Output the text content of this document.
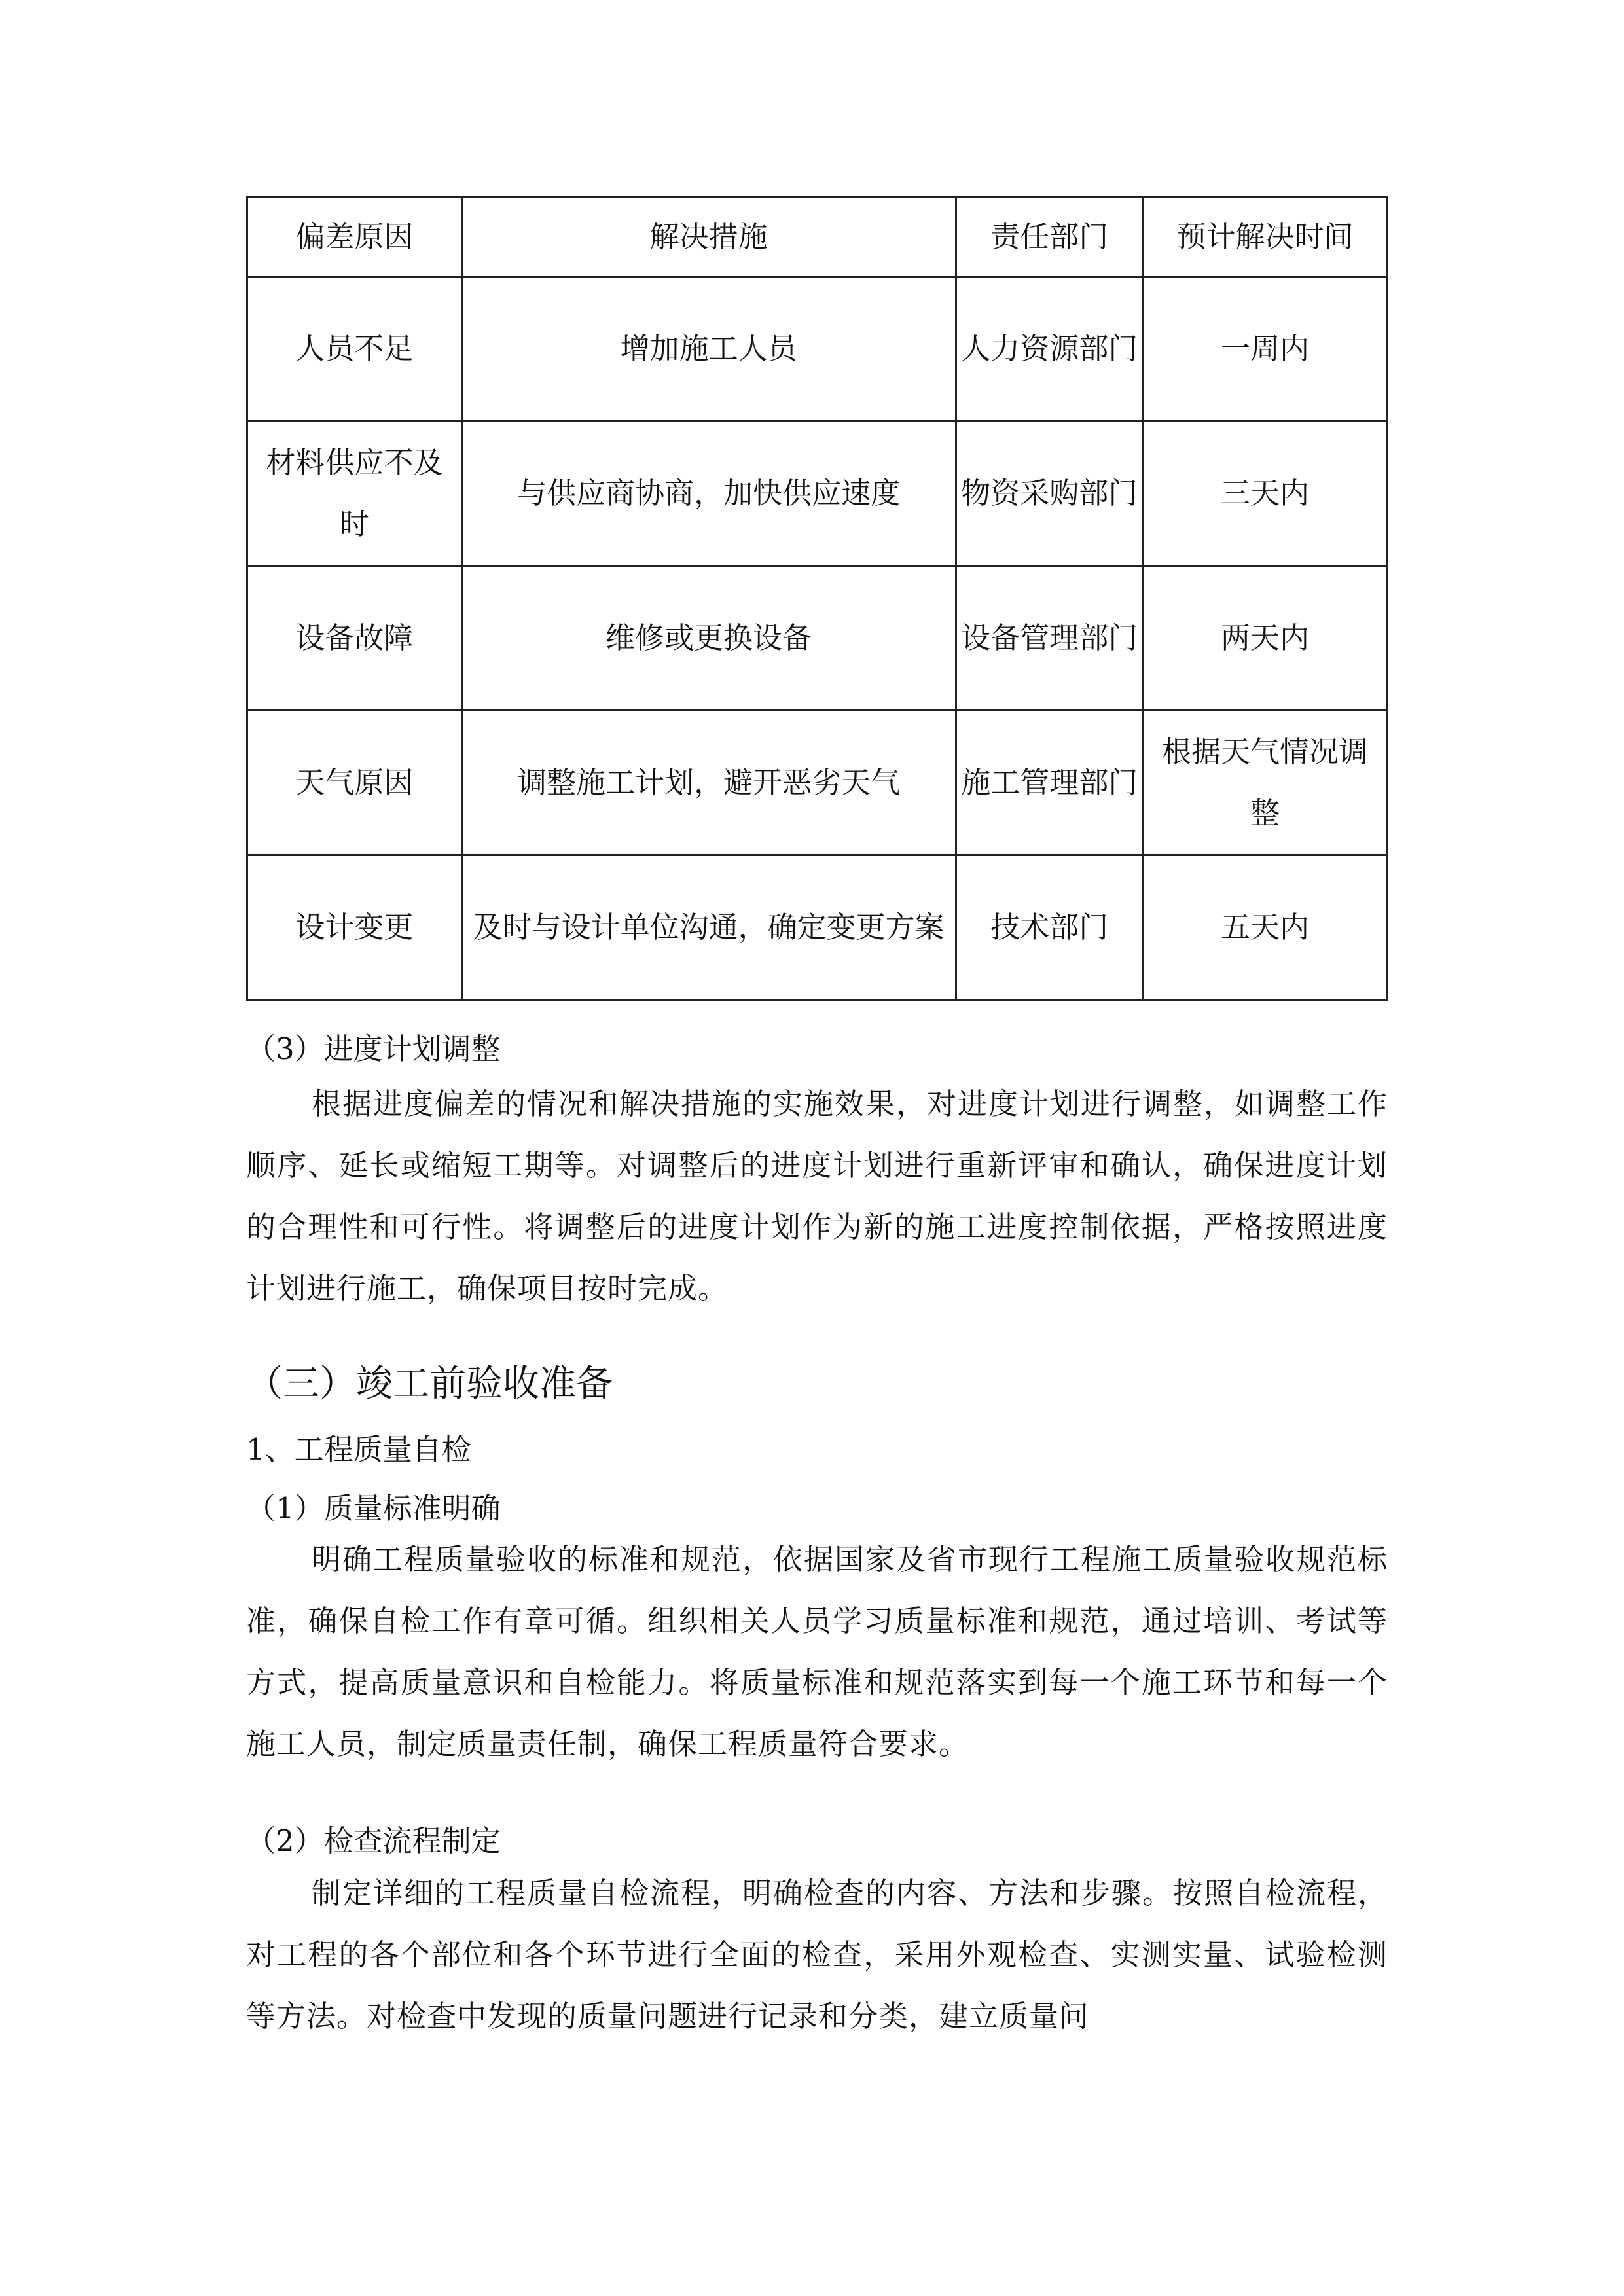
偏差原因	解决措施	责任部门	预计解决时间
人员不足	增加施工人员	人力资源部门	一周内
材料供应不及时	与供应商协商，加快供应速度	物资采购部门	三天内
设备故障	维修或更换设备	设备管理部门	两天内
天气原因	调整施工计划，避开恶劣天气	施工管理部门	根据天气情况调整
设计变更	及时与设计单位沟通，确定变更方案	技术部门	五天内
（3）进度计划调整
根据进度偏差的情况和解决措施的实施效果，对进度计划进行调整，如调整工作顺序、延长或缩短工期等。对调整后的进度计划进行重新评审和确认，确保进度计划的合理性和可行性。将调整后的进度计划作为新的施工进度控制依据，严格按照进度计划进行施工，确保项目按时完成。
（三）竣工前验收准备
1、工程质量自检
（1）质量标准明确
明确工程质量验收的标准和规范，依据国家及省市现行工程施工质量验收规范标准，确保自检工作有章可循。组织相关人员学习质量标准和规范，通过培训、考试等方式，提高质量意识和自检能力。将质量标准和规范落实到每一个施工环节和每一个施工人员，制定质量责任制，确保工程质量符合要求。
（2）检查流程制定
制定详细的工程质量自检流程，明确检查的内容、方法和步骤。按照自检流程，对工程的各个部位和各个环节进行全面的检查，采用外观检查、实测实量、试验检测等方法。对检查中发现的质量问题进行记录和分类，建立质量问
